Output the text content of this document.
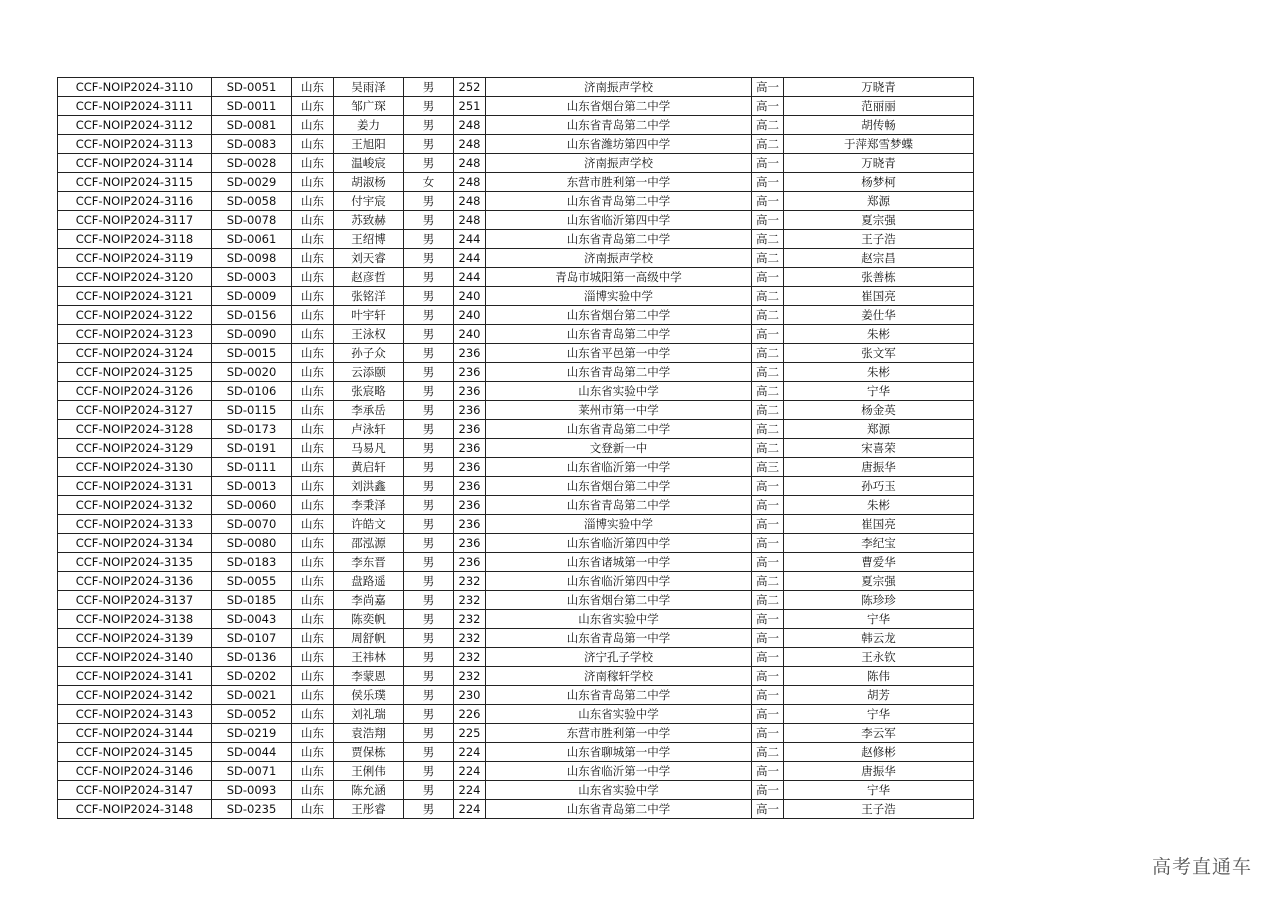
CCF-NOIP2024-3110	SD-0051	山东	吴雨泽	男	252	济南振声学校	高一	万晓青
CCF-NOIP2024-3111	SD-0011	山东	邹广琛	男	251	山东省烟台第二中学	高一	范丽丽
CCF-NOIP2024-3112	SD-0081	山东	姜力	男	248	山东省青岛第二中学	高二	胡传畅
CCF-NOIP2024-3113	SD-0083	山东	王旭阳	男	248	山东省潍坊第四中学	高二	于萍郑雪梦蝶
CCF-NOIP2024-3114	SD-0028	山东	温峻宸	男	248	济南振声学校	高一	万晓青
CCF-NOIP2024-3115	SD-0029	山东	胡淑杨	女	248	东营市胜利第一中学	高一	杨梦柯
CCF-NOIP2024-3116	SD-0058	山东	付宇宸	男	248	山东省青岛第二中学	高一	郑源
CCF-NOIP2024-3117	SD-0078	山东	苏致赫	男	248	山东省临沂第四中学	高一	夏宗强
CCF-NOIP2024-3118	SD-0061	山东	王绍博	男	244	山东省青岛第二中学	高二	王子浩
CCF-NOIP2024-3119	SD-0098	山东	刘天睿	男	244	济南振声学校	高二	赵宗昌
CCF-NOIP2024-3120	SD-0003	山东	赵彦哲	男	244	青岛市城阳第一高级中学	高一	张善栋
CCF-NOIP2024-3121	SD-0009	山东	张铭洋	男	240	淄博实验中学	高二	崔国亮
CCF-NOIP2024-3122	SD-0156	山东	叶宇轩	男	240	山东省烟台第二中学	高二	姜仕华
CCF-NOIP2024-3123	SD-0090	山东	王泳权	男	240	山东省青岛第二中学	高一	朱彬
CCF-NOIP2024-3124	SD-0015	山东	孙子众	男	236	山东省平邑第一中学	高二	张文军
CCF-NOIP2024-3125	SD-0020	山东	云添颐	男	236	山东省青岛第二中学	高二	朱彬
CCF-NOIP2024-3126	SD-0106	山东	张宸略	男	236	山东省实验中学	高二	宁华
CCF-NOIP2024-3127	SD-0115	山东	李承岳	男	236	莱州市第一中学	高二	杨金英
CCF-NOIP2024-3128	SD-0173	山东	卢泳轩	男	236	山东省青岛第二中学	高二	郑源
CCF-NOIP2024-3129	SD-0191	山东	马易凡	男	236	文登新一中	高二	宋喜荣
CCF-NOIP2024-3130	SD-0111	山东	黄启轩	男	236	山东省临沂第一中学	高三	唐振华
CCF-NOIP2024-3131	SD-0013	山东	刘洪鑫	男	236	山东省烟台第二中学	高一	孙巧玉
CCF-NOIP2024-3132	SD-0060	山东	李秉泽	男	236	山东省青岛第二中学	高一	朱彬
CCF-NOIP2024-3133	SD-0070	山东	许皓文	男	236	淄博实验中学	高一	崔国亮
CCF-NOIP2024-3134	SD-0080	山东	邵泓源	男	236	山东省临沂第四中学	高一	李纪宝
CCF-NOIP2024-3135	SD-0183	山东	李东晋	男	236	山东省诸城第一中学	高一	曹爱华
CCF-NOIP2024-3136	SD-0055	山东	盘路遥	男	232	山东省临沂第四中学	高二	夏宗强
CCF-NOIP2024-3137	SD-0185	山东	李尚嘉	男	232	山东省烟台第二中学	高二	陈珍珍
CCF-NOIP2024-3138	SD-0043	山东	陈奕帆	男	232	山东省实验中学	高一	宁华
CCF-NOIP2024-3139	SD-0107	山东	周舒帆	男	232	山东省青岛第一中学	高一	韩云龙
CCF-NOIP2024-3140	SD-0136	山东	王祎林	男	232	济宁孔子学校	高一	王永钦
CCF-NOIP2024-3141	SD-0202	山东	李蒙恩	男	232	济南稼轩学校	高一	陈伟
CCF-NOIP2024-3142	SD-0021	山东	侯乐璞	男	230	山东省青岛第二中学	高一	胡芳
CCF-NOIP2024-3143	SD-0052	山东	刘礼瑞	男	226	山东省实验中学	高一	宁华
CCF-NOIP2024-3144	SD-0219	山东	袁浩翔	男	225	东营市胜利第一中学	高一	李云军
CCF-NOIP2024-3145	SD-0044	山东	贾保栋	男	224	山东省聊城第一中学	高二	赵修彬
CCF-NOIP2024-3146	SD-0071	山东	王俐伟	男	224	山东省临沂第一中学	高一	唐振华
CCF-NOIP2024-3147	SD-0093	山东	陈允涵	男	224	山东省实验中学	高一	宁华
CCF-NOIP2024-3148	SD-0235	山东	王彤睿	男	224	山东省青岛第二中学	高一	王子浩
高考直通车
